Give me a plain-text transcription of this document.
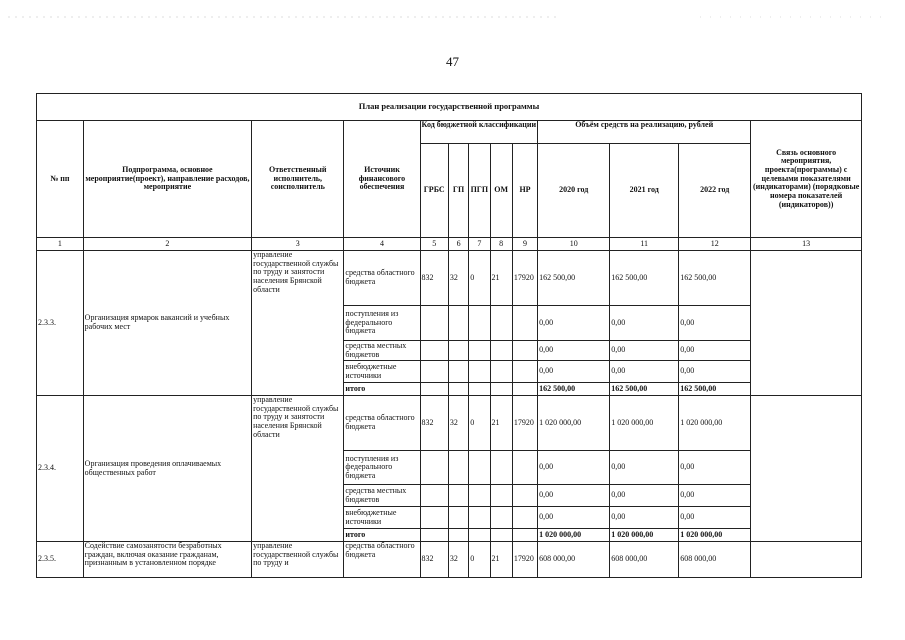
47
План реализации государственной программы												
№ пп	Подпрограмма, основное мероприятие(проект), направление расходов, мероприятие	Ответственный исполнитель, соисполнитель	Источник финансового обеспечения	Код бюджетной классификации					Объём средств на реализацию, рублей			Связь основного мероприятия, проекта(программы) с целевыми показателями (индикаторами) (порядковые номера показателей (индикаторов))
				ГРБС	ГП	ПГП	ОМ	НР	2020 год	2021 год	2022 год	
1	2	3	4	5	6	7	8	9	10	11	12	13
2.3.3.	Организация ярмарок вакансий и учебных рабочих мест	управление государственной службы по труду и занятости населения Брянской области	средства областного бюджета	832	32	0	21	17920	162 500,00	162 500,00	162 500,00	
			поступления из федерального бюджета						0,00	0,00	0,00	
			средства местных бюджетов						0,00	0,00	0,00	
			внебюджетные источники						0,00	0,00	0,00	
			итого						162 500,00	162 500,00	162 500,00	
2.3.4.	Организация проведения оплачиваемых общественных работ	управление государственной службы по труду и занятости населения Брянской области	средства областного бюджета	832	32	0	21	17920	1 020 000,00	1 020 000,00	1 020 000,00	
			поступления из федерального бюджета						0,00	0,00	0,00	
			средства местных бюджетов						0,00	0,00	0,00	
			внебюджетные источники						0,00	0,00	0,00	
			итого						1 020 000,00	1 020 000,00	1 020 000,00	
2.3.5.	Содействие самозанятости безработных граждан, включая оказание гражданам, признанным в установленном порядке	управление государственной службы по труду и	средства областного бюджета	832	32	0	21	17920	608 000,00	608 000,00	608 000,00	
